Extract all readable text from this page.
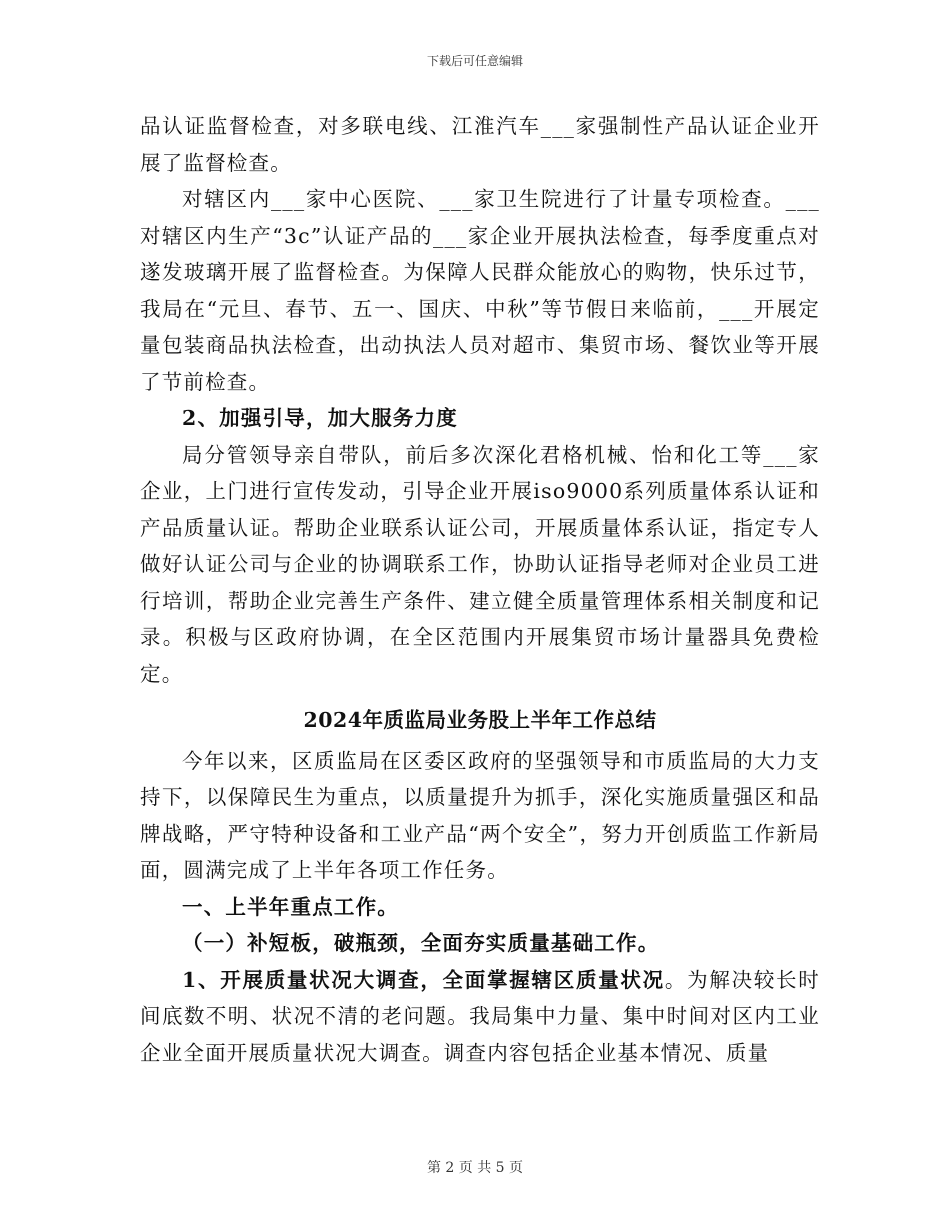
下载后可任意编辑

品认证监督检查，对多联电线、江淮汽车___家强制性产品认证企业开展了监督检查。

对辖区内___家中心医院、___家卫生院进行了计量专项检查。___对辖区内生产“3c”认证产品的___家企业开展执法检查，每季度重点对遂发玻璃开展了监督检查。为保障人民群众能放心的购物，快乐过节，我局在“元旦、春节、五一、国庆、中秋”等节假日来临前，___开展定量包装商品执法检查，出动执法人员对超市、集贸市场、餐饮业等开展了节前检查。

2、加强引导，加大服务力度

局分管领导亲自带队，前后多次深化君格机械、怡和化工等___家企业，上门进行宣传发动，引导企业开展iso9000系列质量体系认证和产品质量认证。帮助企业联系认证公司，开展质量体系认证，指定专人做好认证公司与企业的协调联系工作，协助认证指导老师对企业员工进行培训，帮助企业完善生产条件、建立健全质量管理体系相关制度和记录。积极与区政府协调，在全区范围内开展集贸市场计量器具免费检定。

2024年质监局业务股上半年工作总结

今年以来，区质监局在区委区政府的坚强领导和市质监局的大力支持下，以保障民生为重点，以质量提升为抓手，深化实施质量强区和品牌战略，严守特种设备和工业产品“两个安全”，努力开创质监工作新局面，圆满完成了上半年各项工作任务。

一、上半年重点工作。

（一）补短板，破瓶颈，全面夯实质量基础工作。

1、开展质量状况大调查，全面掌握辖区质量状况。为解决较长时间底数不明、状况不清的老问题。我局集中力量、集中时间对区内工业企业全面开展质量状况大调查。调查内容包括企业基本情况、质量

第 2 页 共 5 页
